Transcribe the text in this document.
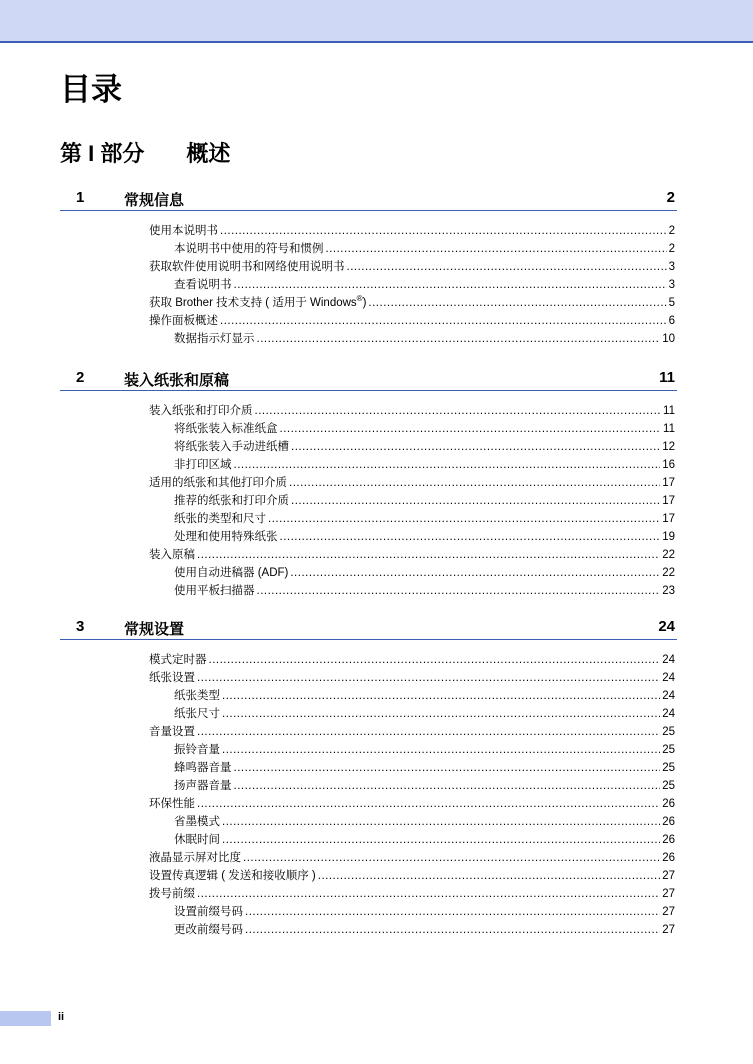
目录
第 I 部分 概述
1	常规信息	2
使用本说明书 .....	2
本说明书中使用的符号和惯例 .....	2
获取软件使用说明书和网络使用说明书 .....	3
查看说明书 .....	3
获取 Brother 技术支持 ( 适用于 Windows®) .....	5
操作面板概述 .....	6
数据指示灯显示 .....	10
2	装入纸张和原稿	11
装入纸张和打印介质 .....	11
将纸张装入标准纸盒 .....	11
将纸张装入手动进纸槽 .....	12
非打印区域 .....	16
适用的纸张和其他打印介质 .....	17
推荐的纸张和打印介质 .....	17
纸张的类型和尺寸 .....	17
处理和使用特殊纸张 .....	19
装入原稿 .....	22
使用自动进稿器 (ADF) .....	22
使用平板扫描器 .....	23
3	常规设置	24
模式定时器 .....	24
纸张设置 .....	24
纸张类型 .....	24
纸张尺寸 .....	24
音量设置 .....	25
振铃音量 .....	25
蜂鸣器音量 .....	25
扬声器音量 .....	25
环保性能 .....	26
省墨模式 .....	26
休眠时间 .....	26
液晶显示屏对比度 .....	26
设置传真逻辑 ( 发送和接收顺序 ) .....	27
拨号前缀 .....	27
设置前缀号码 .....	27
更改前缀号码 .....	27
ii
